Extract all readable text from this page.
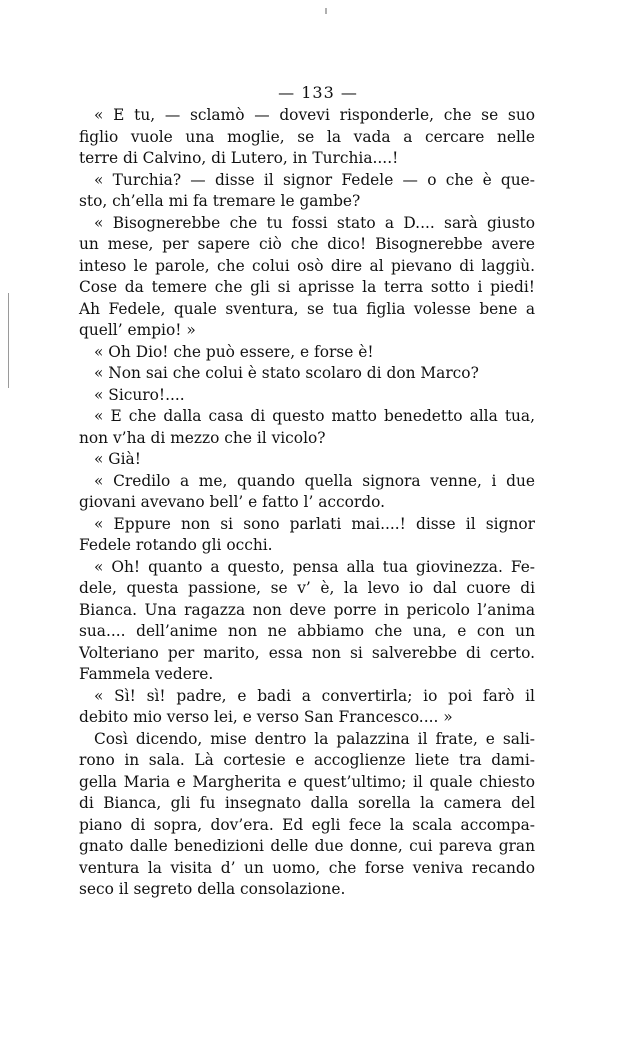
— 133 —
« E tu, — sclamò — dovevi risponderle, che se suo
figlio vuole una moglie, se la vada a cercare nelle
terre di Calvino, di Lutero, in Turchia....!
« Turchia? — disse il signor Fedele — o che è que-
sto, ch’ella mi fa tremare le gambe?
« Bisognerebbe che tu fossi stato a D.... sarà giusto
un mese, per sapere ciò che dico! Bisognerebbe avere
inteso le parole, che colui osò dire al pievano di laggiù.
Cose da temere che gli si aprisse la terra sotto i piedi!
Ah Fedele, quale sventura, se tua figlia volesse bene a
quell’ empio! »
« Oh Dio! che può essere, e forse è!
« Non sai che colui è stato scolaro di don Marco?
« Sicuro!....
« E che dalla casa di questo matto benedetto alla tua,
non v’ha di mezzo che il vicolo?
« Già!
« Credilo a me, quando quella signora venne, i due
giovani avevano bell’ e fatto l’ accordo.
« Eppure non si sono parlati mai....! disse il signor
Fedele rotando gli occhi.
« Oh! quanto a questo, pensa alla tua giovinezza. Fe-
dele, questa passione, se v’ è, la levo io dal cuore di
Bianca. Una ragazza non deve porre in pericolo l’anima
sua.... dell’anime non ne abbiamo che una, e con un
Volteriano per marito, essa non si salverebbe di certo.
Fammela vedere.
« Sì! sì! padre, e badi a convertirla; io poi farò il
debito mio verso lei, e verso San Francesco.... »
Così dicendo, mise dentro la palazzina il frate, e sali-
rono in sala. Là cortesie e accoglienze liete tra dami-
gella Maria e Margherita e quest’ultimo; il quale chiesto
di Bianca, gli fu insegnato dalla sorella la camera del
piano di sopra, dov’era. Ed egli fece la scala accompa-
gnato dalle benedizioni delle due donne, cui pareva gran
ventura la visita d’ un uomo, che forse veniva recando
seco il segreto della consolazione.
